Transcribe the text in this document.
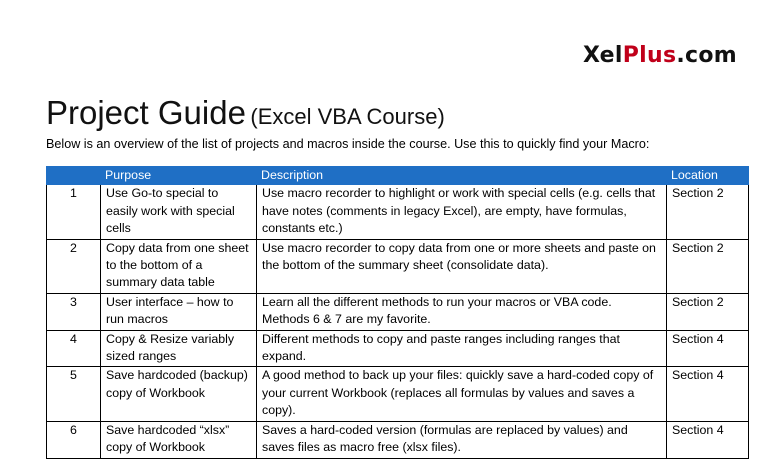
XelPlus.com
Project Guide (Excel VBA Course)
Below is an overview of the list of projects and macros inside the course. Use this to quickly find your Macro:
	Purpose	Description	Location
1	Use Go-to special to easily work with special cells	Use macro recorder to highlight or work with special cells (e.g. cells that have notes (comments in legacy Excel), are empty, have formulas, constants etc.)	Section 2
2	Copy data from one sheet to the bottom of a summary data table	Use macro recorder to copy data from one or more sheets and paste on the bottom of the summary sheet (consolidate data).	Section 2
3	User interface – how to run macros	Learn all the different methods to run your macros or VBA code. Methods 6 & 7 are my favorite.	Section 2
4	Copy & Resize variably sized ranges	Different methods to copy and paste ranges including ranges that expand.	Section 4
5	Save hardcoded (backup) copy of Workbook	A good method to back up your files: quickly save a hard-coded copy of your current Workbook (replaces all formulas by values and saves a copy).	Section 4
6	Save hardcoded “xlsx” copy of Workbook	Saves a hard-coded version (formulas are replaced by values) and saves files as macro free (xlsx files).	Section 4
